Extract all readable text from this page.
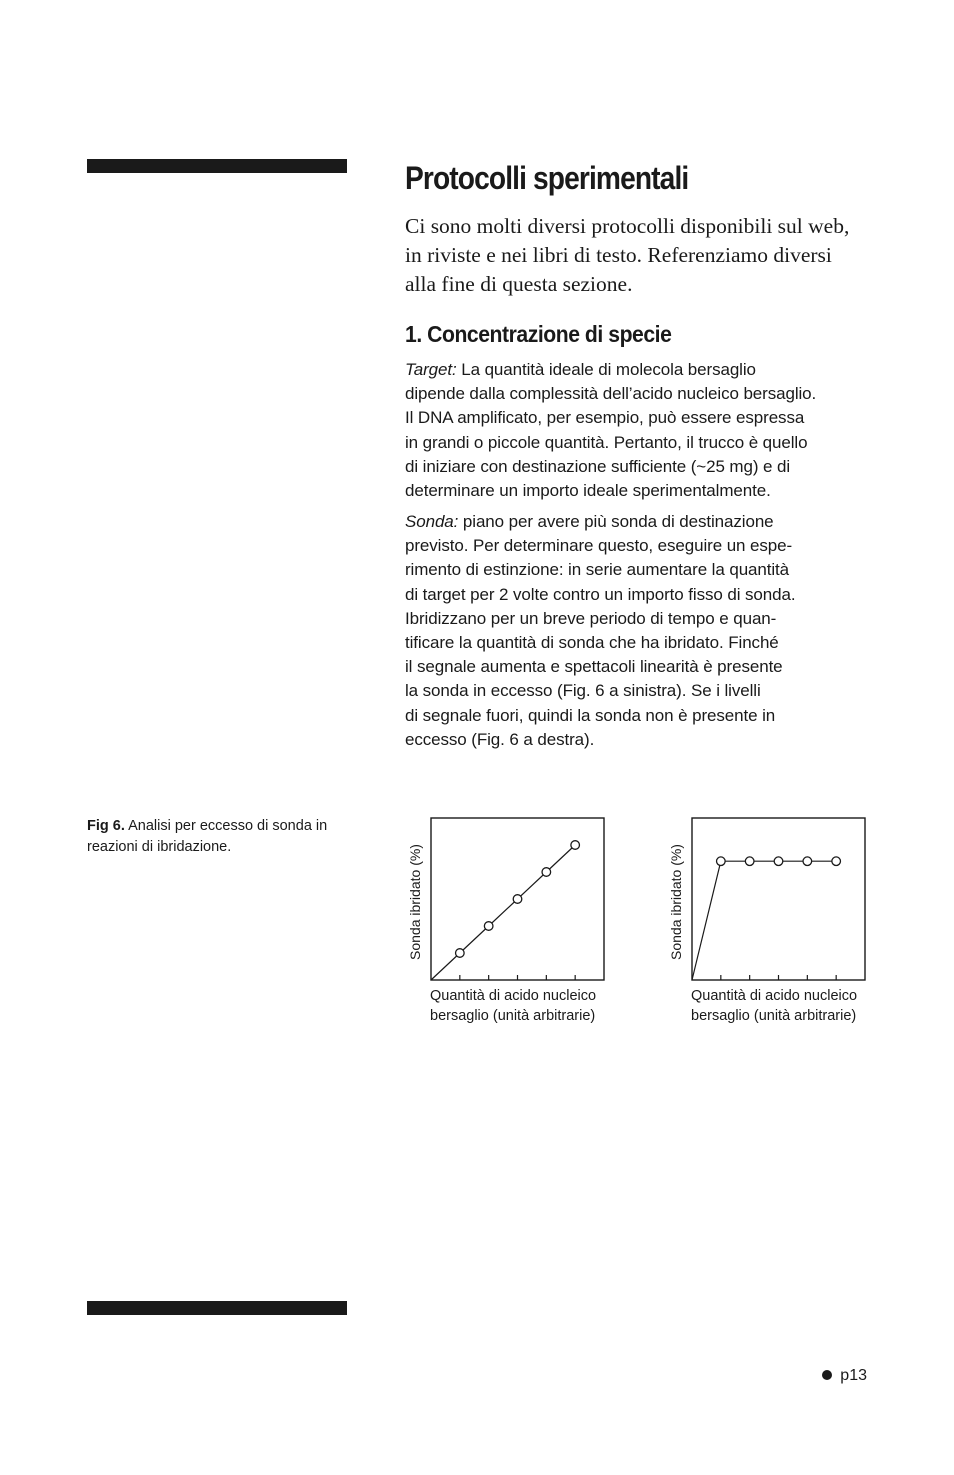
Protocolli sperimentali

Ci sono molti diversi protocolli disponibili sul web, in riviste e nei libri di testo. Referenziamo diversi alla fine di questa sezione.

1. Concentrazione di specie

Target: La quantità ideale di molecola bersaglio
dipende dalla complessità dell’acido nucleico bersaglio.
Il DNA amplificato, per esempio, può essere espressa
in grandi o piccole quantità. Pertanto, il trucco è quello
di iniziare con destinazione sufficiente (~25 mg) e di
determinare un importo ideale sperimentalmente.

Sonda: piano per avere più sonda di destinazione
previsto. Per determinare questo, eseguire un espe-
rimento di estinzione: in serie aumentare la quantità
di target per 2 volte contro un importo fisso di sonda.
Ibridizzano per un breve periodo di tempo e quan-
tificare la quantità di sonda che ha ibridato. Finché
il segnale aumenta e spettacoli linearità è presente
la sonda in eccesso (Fig. 6 a sinistra). Se i livelli
di segnale fuori, quindi la sonda non è presente in
eccesso (Fig. 6 a destra).

Fig 6. Analisi per eccesso di sonda in reazioni di ibridazione.	Sonda ibridato (%)
Quantità di acido nucleico bersaglio (unità arbitrarie)
Sonda ibridato (%)
Quantità di acido nucleico bersaglio (unità arbitrarie)
p13
